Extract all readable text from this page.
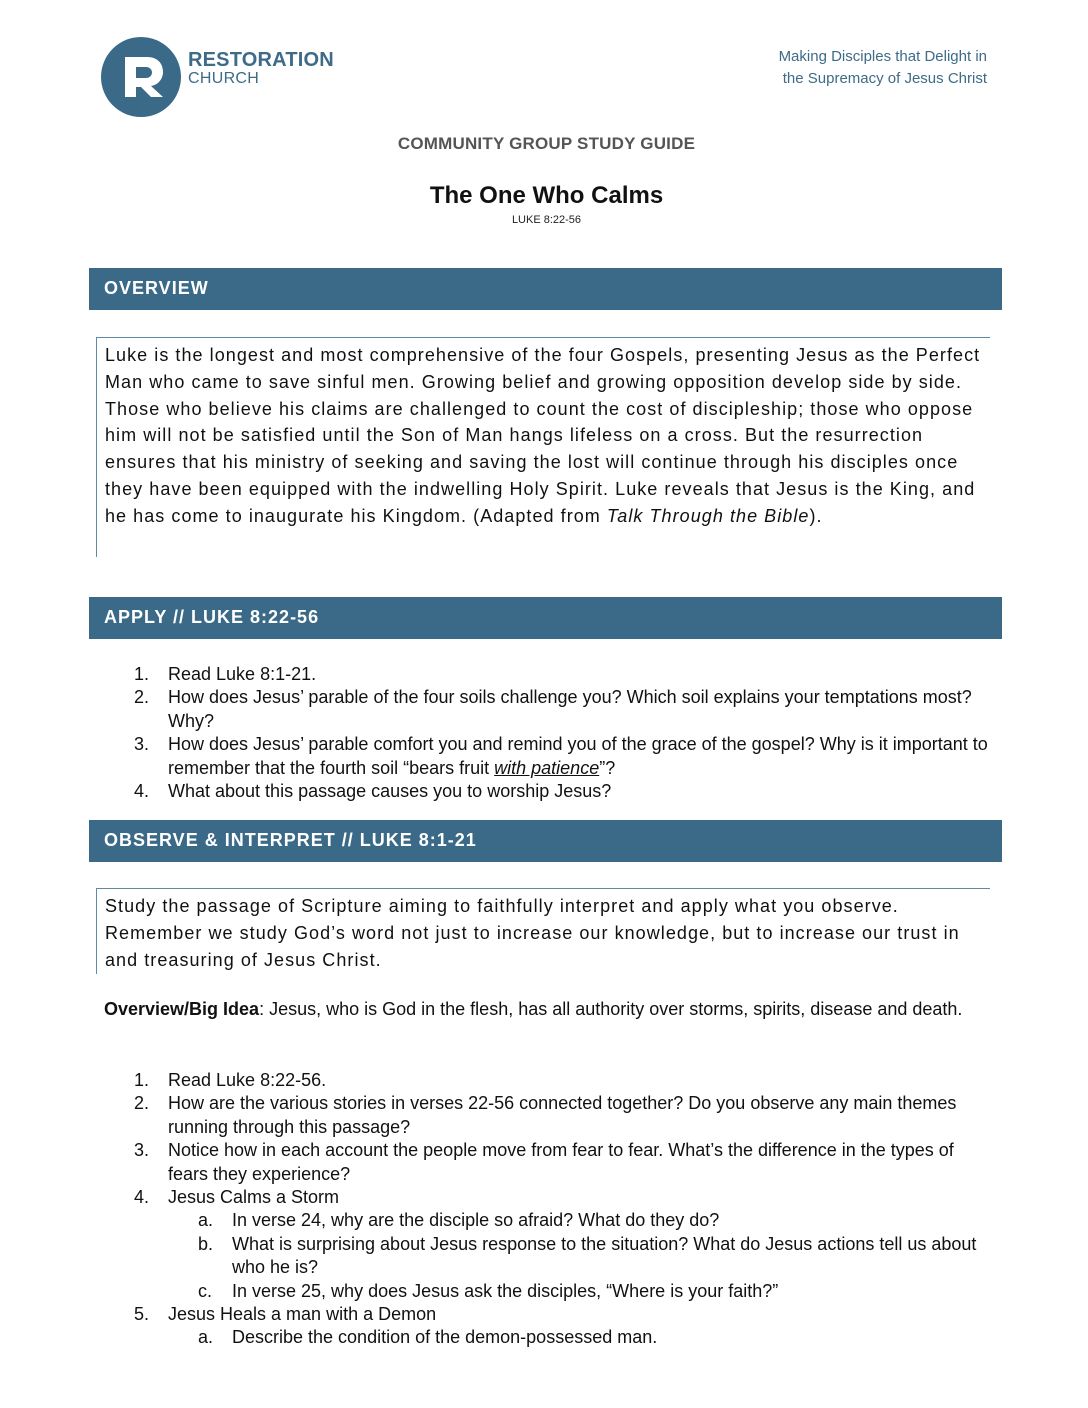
RESTORATION
CHURCH
Making Disciples that Delight in
the Supremacy of Jesus Christ
COMMUNITY GROUP STUDY GUIDE
The One Who Calms
LUKE 8:22-56
OVERVIEW
Luke is the longest and most comprehensive of the four Gospels, presenting Jesus as the Perfect Man who came to save sinful men. Growing belief and growing opposition develop side by side. Those who believe his claims are challenged to count the cost of discipleship; those who oppose him will not be satisfied until the Son of Man hangs lifeless on a cross. But the resurrection ensures that his ministry of seeking and saving the lost will continue through his disciples once they have been equipped with the indwelling Holy Spirit. Luke reveals that Jesus is the King, and he has come to inaugurate his Kingdom. (Adapted from Talk Through the Bible).
APPLY // LUKE 8:22-56
1. Read Luke 8:1-21.
2. How does Jesus’ parable of the four soils challenge you? Which soil explains your temptations most? Why?
3. How does Jesus’ parable comfort you and remind you of the grace of the gospel? Why is it important to remember that the fourth soil “bears fruit with patience”?
4. What about this passage causes you to worship Jesus?
OBSERVE & INTERPRET // LUKE 8:1-21
Study the passage of Scripture aiming to faithfully interpret and apply what you observe. Remember we study God’s word not just to increase our knowledge, but to increase our trust in and treasuring of Jesus Christ.
Overview/Big Idea: Jesus, who is God in the flesh, has all authority over storms, spirits, disease and death.
1. Read Luke 8:22-56.
2. How are the various stories in verses 22-56 connected together? Do you observe any main themes running through this passage?
3. Notice how in each account the people move from fear to fear. What’s the difference in the types of fears they experience?
4. Jesus Calms a Storm
a. In verse 24, why are the disciple so afraid? What do they do?
b. What is surprising about Jesus response to the situation? What do Jesus actions tell us about who he is?
c. In verse 25, why does Jesus ask the disciples, “Where is your faith?”
5. Jesus Heals a man with a Demon
a. Describe the condition of the demon-possessed man.
